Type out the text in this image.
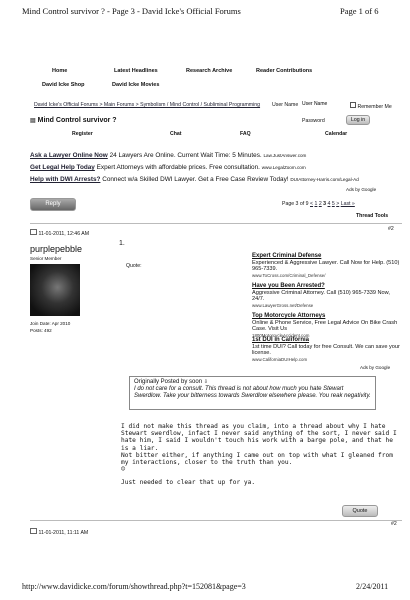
Mind Control survivor ? - Page 3 - David Icke's Official Forums	Page 1 of 6
Home	Latest Headlines	Research Archive	Reader Contributions
David Icke Shop	David Icke Movies
David Icke's Official Forums > Main Forums > Symbolism / Mind Control / Subliminal Programming
▤ Mind Control survivor ?
User Name
User Name	Remember Me
Password	Log in
Register	Chat	FAQ	Calendar
Ask a Lawyer Online Now 24 Lawyers Are Online. Current Wait Time: 5 Minutes. Law.JustAnswer.com
Get Legal Help Today Expert Attorneys with affordable prices. Free consultation. www.LegalZoom.com
Help with DWI Arrests? Connect w/a Skilled DWI Lawyer. Get a Free Case Review Today! DUIAttorney-Harris.com/Legal-Ad
Ads by Google
Reply	Page 3 of 9 < 1 2 3 4 5 > Last »
Thread Tools
11-01-2011, 12:46 AM
#2
purplepebble
Senior Member
Join Date: Apr 2010
Posts: 492
1.
Quote:
Expert Criminal Defense
Experienced & Aggressive Lawyer. Call Now for Help. (510) 965-7339.
www.ToCross.com/Criminal_Defense/
Have you Been Arrested?
Aggressive Criminal Attorney. Call (510) 965-7339 Now, 24/7.
www.LawyerGross.net/Defense
Top Motorcycle Attorneys
Online & Phone Service, Free Legal Advice On Bike Crash Case. Visit Us
1800MotorcycleAccident.com
1st DUI in California
1st time DUI? Call today for free Consult. We can save your license.
www.CaliforniaDUIHelp.com
Ads by Google
Originally Posted by soon ⇩
I do not care for a consult. This thread is not about how much you hate Stewart Swerdlow. Take your bitterness towards Swerdlow elsewhere please. You reak negativity.
I did not make this thread as you claim, into a thread about why I hate Stewart swerdlow, infact I never said anything of the sort, I never said I hate him, I said I wouldn't touch his work with a barge pole, and that he is a liar.
Not bitter either, if anything I came out on top with what I gleaned from my interactions, closer to the truth than you.
☺
Just needed to clear that up for ya.
Quote
#2
11-01-2011, 11:11 AM
http://www.davidicke.com/forum/showthread.php?t=152081&page=3	2/24/2011
